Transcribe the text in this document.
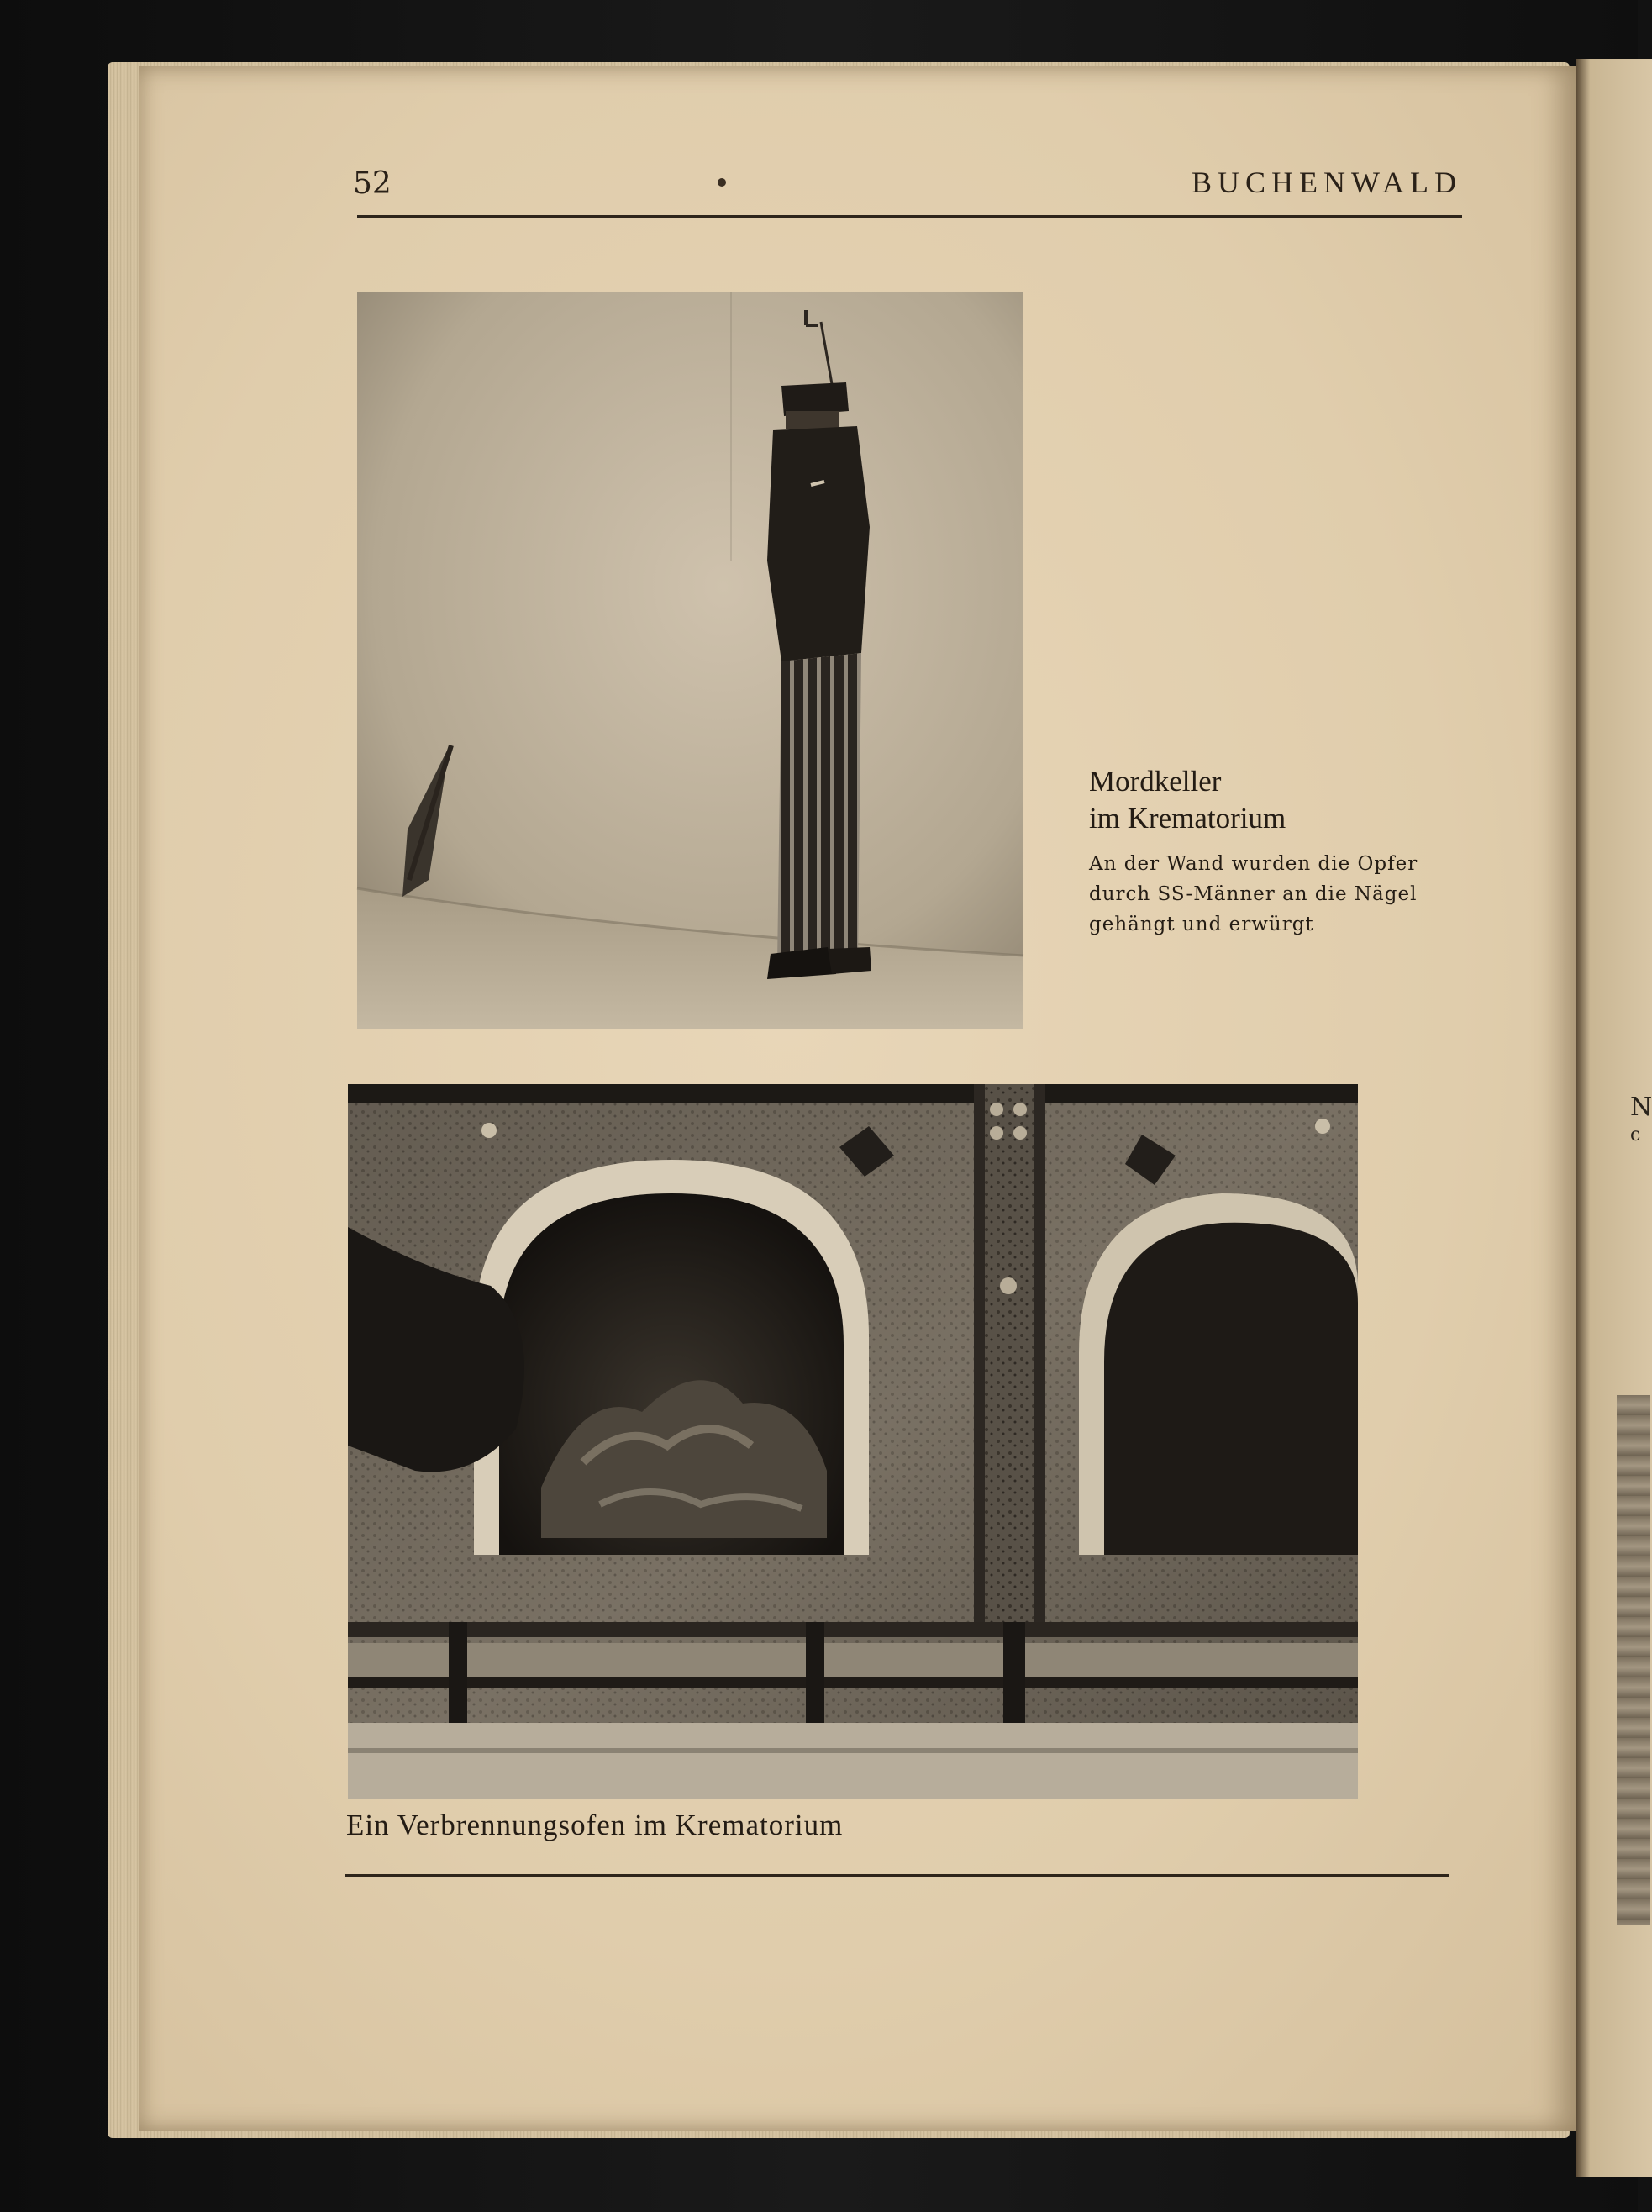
N
c
52	BUCHENWALD
Mordkeller
im Krematorium
An der Wand wurden die Opfer
durch SS-Männer an die Nägel
gehängt und erwürgt
Ein Verbrennungsofen im Krematorium
